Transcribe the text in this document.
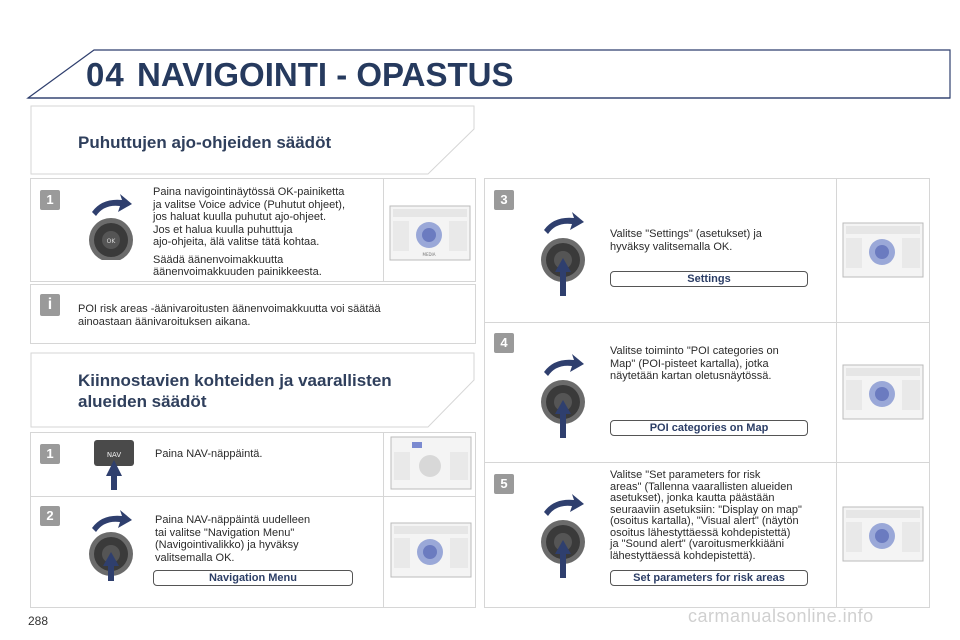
04 NAVIGOINTI - OPASTUS
Puhuttujen ajo-ohjeiden säädöt
1
OK
Paina navigointinäytössä OK-painiketta
ja valitse Voice advice (Puhutut ohjeet),
jos haluat kuulla puhutut ajo-ohjeet.
Jos et halua kuulla puhuttuja
ajo-ohjeita, älä valitse tätä kohtaa.
Säädä äänenvoimakkuutta
äänenvoimakkuuden painikkeesta.
MEDIA
i	POI risk areas -äänivaroitusten äänenvoimakkuutta voi säätää
ainoastaan äänivaroituksen aikana.
Kiinnostavien kohteiden ja vaarallisten
alueiden säädöt
1	NAV	Paina NAV-näppäintä.
2	Paina NAV-näppäintä uudelleen
tai valitse "Navigation Menu"
(Navigointivalikko) ja hyväksy
valitsemalla OK.
Navigation Menu
3
Valitse "Settings" (asetukset) ja
hyväksy valitsemalla OK.
Settings
4
Valitse toiminto "POI categories on
Map" (POI-pisteet kartalla), jotka
näytetään kartan oletusnäytössä.
POI categories on Map
5
Valitse "Set parameters for risk
areas" (Tallenna vaarallisten alueiden
asetukset), jonka kautta päästään
seuraaviin asetuksiin: "Display on map"
(osoitus kartalla), "Visual alert" (näytön
osoitus lähestyttäessä kohdepistettä)
ja "Sound alert" (varoitusmerkkiääni
lähestyttäessä kohdepistettä).
Set parameters for risk areas
288	carmanualsonline.info
